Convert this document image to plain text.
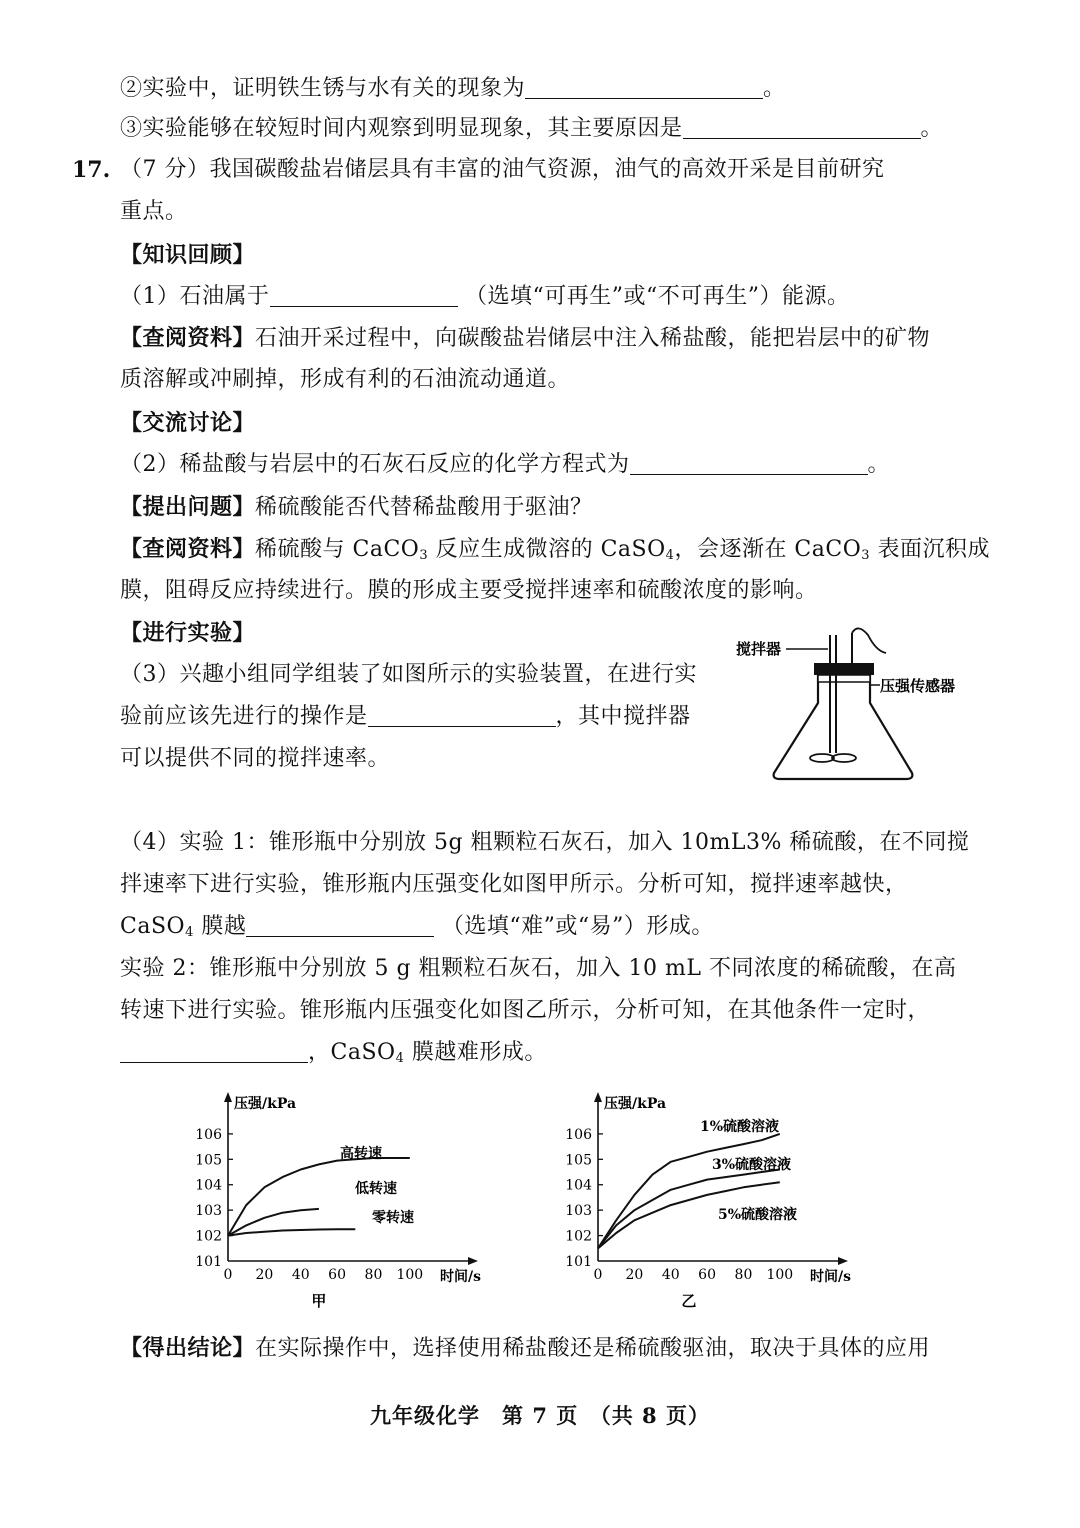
②实验中，证明铁生锈与水有关的现象为	。
③实验能够在较短时间内观察到明显现象，其主要原因是	。
17. （7 分）我国碳酸盐岩储层具有丰富的油气资源，油气的高效开采是目前研究
重点。
【知识回顾】
（1）石油属于	（选填“可再生”或“不可再生”）能源。
【查阅资料】石油开采过程中，向碳酸盐岩储层中注入稀盐酸，能把岩层中的矿物
质溶解或冲刷掉，形成有利的石油流动通道。
【交流讨论】
（2）稀盐酸与岩层中的石灰石反应的化学方程式为	。
【提出问题】稀硫酸能否代替稀盐酸用于驱油？
【查阅资料】稀硫酸与 CaCO$_3$ 反应生成微溶的 CaSO$_4$，会逐渐在 CaCO$_3$ 表面沉积成
膜，阻碍反应持续进行。膜的形成主要受搅拌速率和硫酸浓度的影响。
【进行实验】
（3）兴趣小组同学组装了如图所示的实验装置，在进行实
验前应该先进行的操作是	，其中搅拌器
可以提供不同的搅拌速率。
搅拌器
压强传感器
（4）实验 1：锥形瓶中分别放 5g 粗颗粒石灰石，加入 10mL3% 稀硫酸，在不同搅
拌速率下进行实验，锥形瓶内压强变化如图甲所示。分析可知，搅拌速率越快，
CaSO$_4$ 膜越	（选填“难”或“易”）形成。
实验 2：锥形瓶中分别放 5 g 粗颗粒石灰石，加入 10 mL 不同浓度的稀硫酸，在高
转速下进行实验。锥形瓶内压强变化如图乙所示，分析可知，在其他条件一定时，
，CaSO$_4$ 膜越难形成。
101
102
103
104
105
106
0 20 40 60 80 100
压强/kPa
时间/s
甲
高转速
低转速
零转速
101
102
103
104
105
106
0 20 40 60 80 100
压强/kPa
时间/s
乙
1%硫酸溶液
3%硫酸溶液
5%硫酸溶液
【得出结论】在实际操作中，选择使用稀盐酸还是稀硫酸驱油，取决于具体的应用
九年级化学　第 7 页　（共 8 页）
